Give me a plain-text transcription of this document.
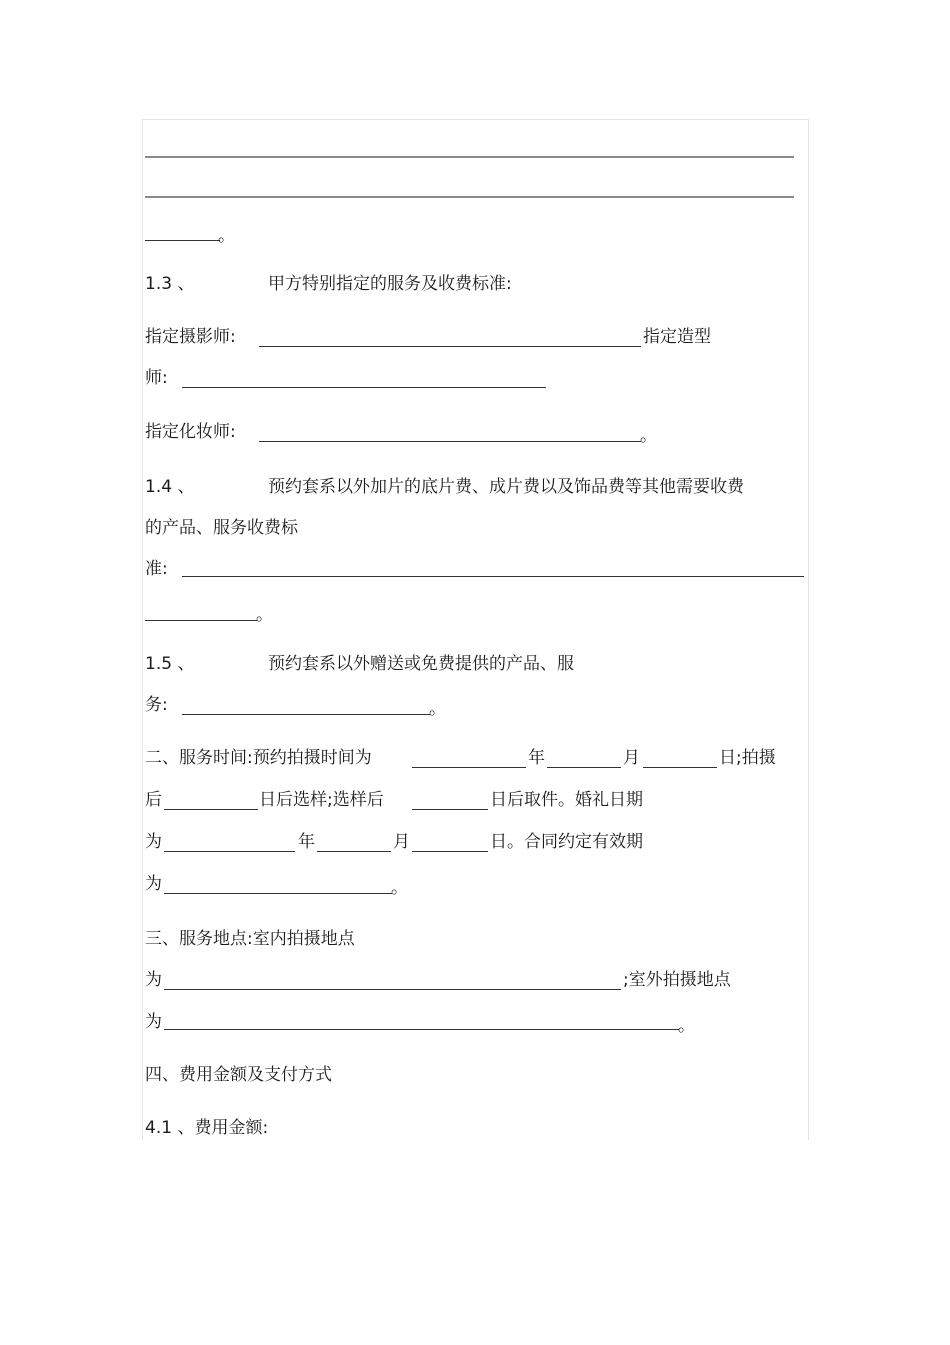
。
1.3 、	甲方特别指定的服务及收费标准:
指定摄影师:	指定造型
师:
指定化妆师:	。
1.4 、	预约套系以外加片的底片费、成片费以及饰品费等其他需要收费
的产品、服务收费标
准:
。
1.5 、	预约套系以外赠送或免费提供的产品、服
务:	。
二、服务时间:预约拍摄时间为	年	月	日;拍摄
后	日后选样;选样后	日后取件。婚礼日期
为	年	月	日。合同约定有效期
为	。
三、服务地点:室内拍摄地点
为	;室外拍摄地点
为	。
四、费用金额及支付方式
4.1 、费用金额:
